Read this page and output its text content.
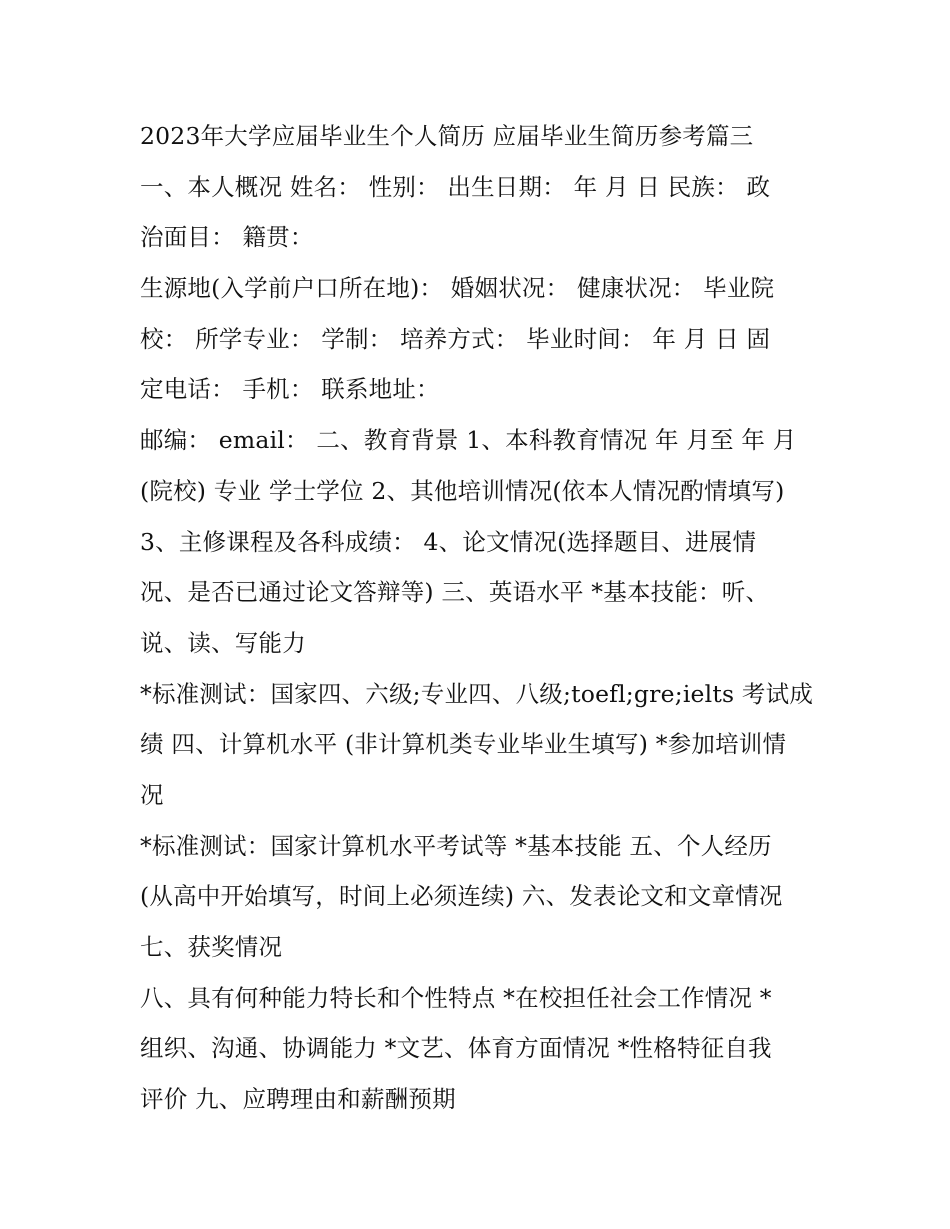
2023年大学应届毕业生个人简历 应届毕业生简历参考篇三
一、本人概况 姓名： 性别： 出生日期： 年 月 日 民族： 政
治面目： 籍贯：
生源地(入学前户口所在地)： 婚姻状况： 健康状况： 毕业院
校： 所学专业： 学制： 培养方式： 毕业时间： 年 月 日 固
定电话： 手机： 联系地址：
邮编： email： 二、教育背景 1、本科教育情况 年 月至 年 月
(院校) 专业 学士学位 2、其他培训情况(依本人情况酌情填写)
3、主修课程及各科成绩： 4、论文情况(选择题目、进展情
况、是否已通过论文答辩等) 三、英语水平 *基本技能：听、
说、读、写能力
*标准测试：国家四、六级;专业四、八级;toefl;gre;ielts 考试成
绩 四、计算机水平 (非计算机类专业毕业生填写) *参加培训情
况
*标准测试：国家计算机水平考试等 *基本技能 五、个人经历
(从高中开始填写，时间上必须连续) 六、发表论文和文章情况
七、获奖情况
八、具有何种能力特长和个性特点 *在校担任社会工作情况 *
组织、沟通、协调能力 *文艺、体育方面情况 *性格特征自我
评价 九、应聘理由和薪酬预期
